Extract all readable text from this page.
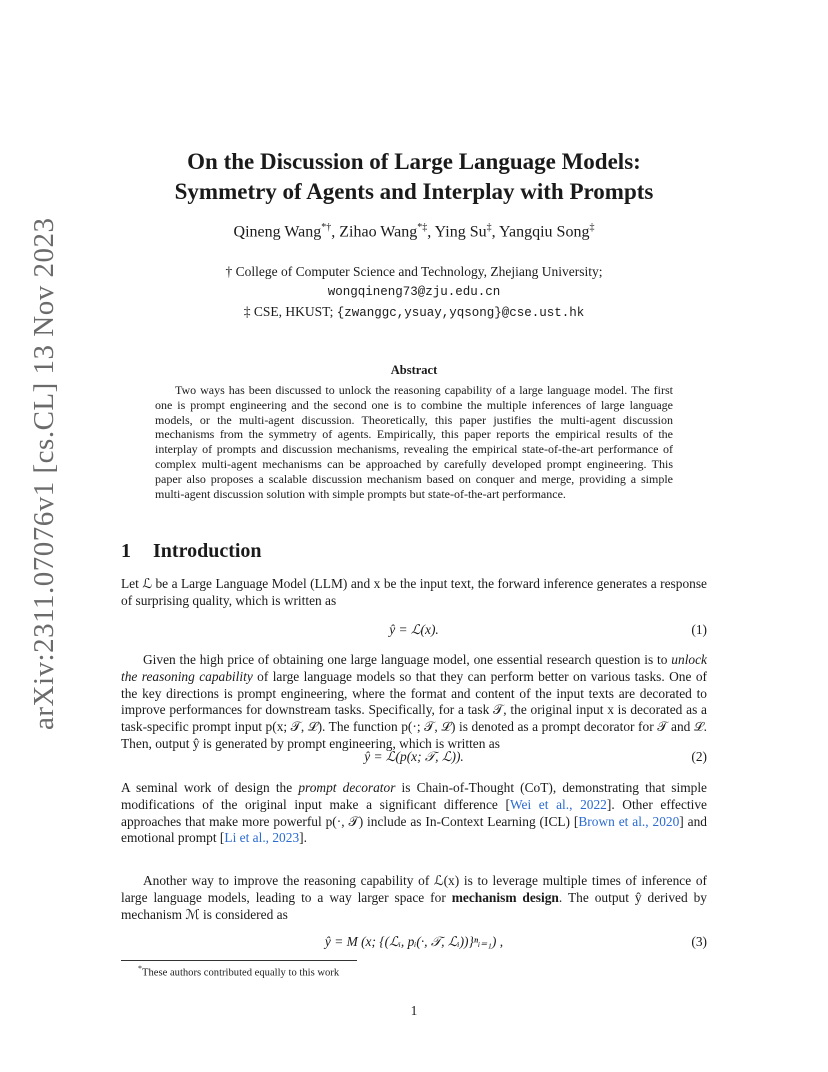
arXiv:2311.07076v1 [cs.CL] 13 Nov 2023
On the Discussion of Large Language Models:
Symmetry of Agents and Interplay with Prompts
Qineng Wang*†, Zihao Wang*‡, Ying Su‡, Yangqiu Song‡
† College of Computer Science and Technology, Zhejiang University;
wongqineng73@zju.edu.cn
‡ CSE, HKUST; {zwanggc,ysuay,yqsong}@cse.ust.hk
Abstract
Two ways has been discussed to unlock the reasoning capability of a large language model. The first one is prompt engineering and the second one is to combine the multiple inferences of large language models, or the multi-agent discussion. Theoretically, this paper justifies the multi-agent discussion mechanisms from the symmetry of agents. Empirically, this paper reports the empirical results of the interplay of prompts and discussion mechanisms, revealing the empirical state-of-the-art performance of complex multi-agent mechanisms can be approached by carefully developed prompt engineering. This paper also proposes a scalable discussion mechanism based on conquer and merge, providing a simple multi-agent discussion solution with simple prompts but state-of-the-art performance.
1 Introduction
Let ℒ be a Large Language Model (LLM) and x be the input text, the forward inference generates a response of surprising quality, which is written as
ŷ = ℒ(x).	(1)
Given the high price of obtaining one large language model, one essential research question is to unlock the reasoning capability of large language models so that they can perform better on various tasks. One of the key directions is prompt engineering, where the format and content of the input texts are decorated to improve performances for downstream tasks. Specifically, for a task 𝒯, the original input x is decorated as a task-specific prompt input p(x; 𝒯, ℒ). The function p(·; 𝒯, ℒ) is denoted as a prompt decorator for 𝒯 and ℒ. Then, output ŷ is generated by prompt engineering, which is written as
ŷ = ℒ(p(x; 𝒯, ℒ)).	(2)
A seminal work of design the prompt decorator is Chain-of-Thought (CoT), demonstrating that simple modifications of the original input make a significant difference [Wei et al., 2022]. Other effective approaches that make more powerful p(·, 𝒯) include as In-Context Learning (ICL) [Brown et al., 2020] and emotional prompt [Li et al., 2023].
Another way to improve the reasoning capability of ℒ(x) is to leverage multiple times of inference of large language models, leading to a way larger space for mechanism design. The output ŷ derived by mechanism ℳ is considered as
ŷ = M (x; {(ℒᵢ, pᵢ(·, 𝒯, ℒᵢ))}ⁿᵢ₌₁) ,	(3)
*These authors contributed equally to this work
1
